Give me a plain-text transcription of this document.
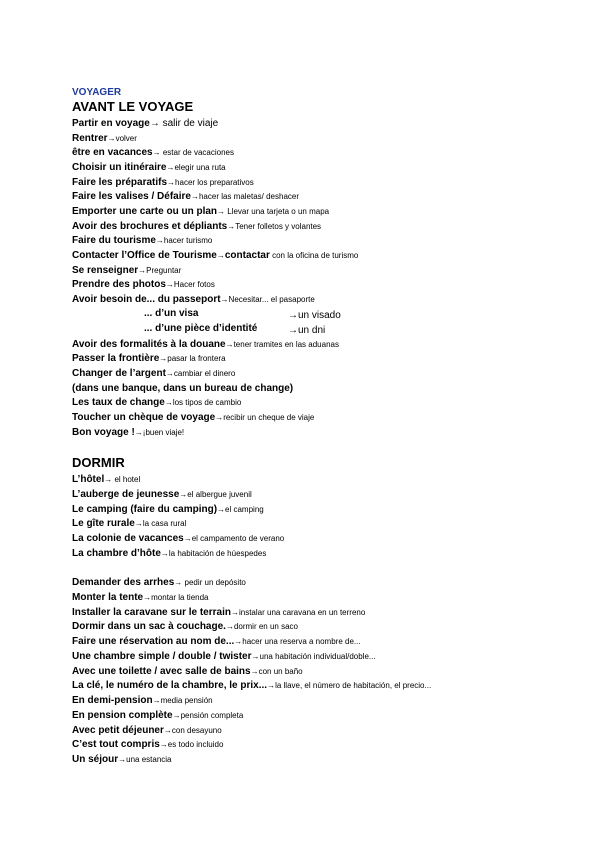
VOYAGER
AVANT LE VOYAGE
Partir en voyage→ salir de viaje
Rentrer→volver
être en vacances→ estar de vacaciones
Choisir un itinéraire→elegir una ruta
Faire les préparatifs→hacer los preparativos
Faire les valises / Défaire→hacer las maletas/ deshacer
Emporter une carte ou un plan→ Llevar una tarjeta o un mapa
Avoir des brochures et dépliants→Tener folletos y volantes
Faire du tourisme→hacer turismo
Contacter l’Office de Tourisme→contactar con la oficina de turismo
Se renseigner→Preguntar
Prendre des photos→Hacer fotos
Avoir besoin de... du passeport→Necesitar... el pasaporte
... d’un visa	→un visado
... d’une pièce d’identité	→un dni
Avoir des formalités à la douane→tener tramites en las aduanas
Passer la frontière→pasar la frontera
Changer de l’argent→cambiar el dinero
(dans une banque, dans un bureau de change)
Les taux de change→los tipos de cambio
Toucher un chèque de voyage→recibir un cheque de viaje
Bon voyage !→¡buen viaje!
DORMIR
L’hôtel→ el hotel
L’auberge de jeunesse→el albergue juvenil
Le camping (faire du camping)→el camping
Le gîte rurale→la casa rural
La colonie de vacances→el campamento de verano
La chambre d’hôte→la habitación de húespedes
Demander des arrhes→ pedir un depósito
Monter la tente→montar la tienda
Installer la caravane sur le terrain→instalar una caravana en un terreno
Dormir dans un sac à couchage.→dormir en un saco
Faire une réservation au nom de...→hacer una reserva a nombre de...
Une chambre simple / double / twister→una habitación individual/doble...
Avec une toilette / avec salle de bains→con un baño
La clé, le numéro de la chambre, le prix...→la llave, el número de habitación, el precio...
En demi-pension→media pensión
En pension complète→pensión completa
Avec petit déjeuner→con desayuno
C’est tout compris→es todo incluido
Un séjour→una estancia
